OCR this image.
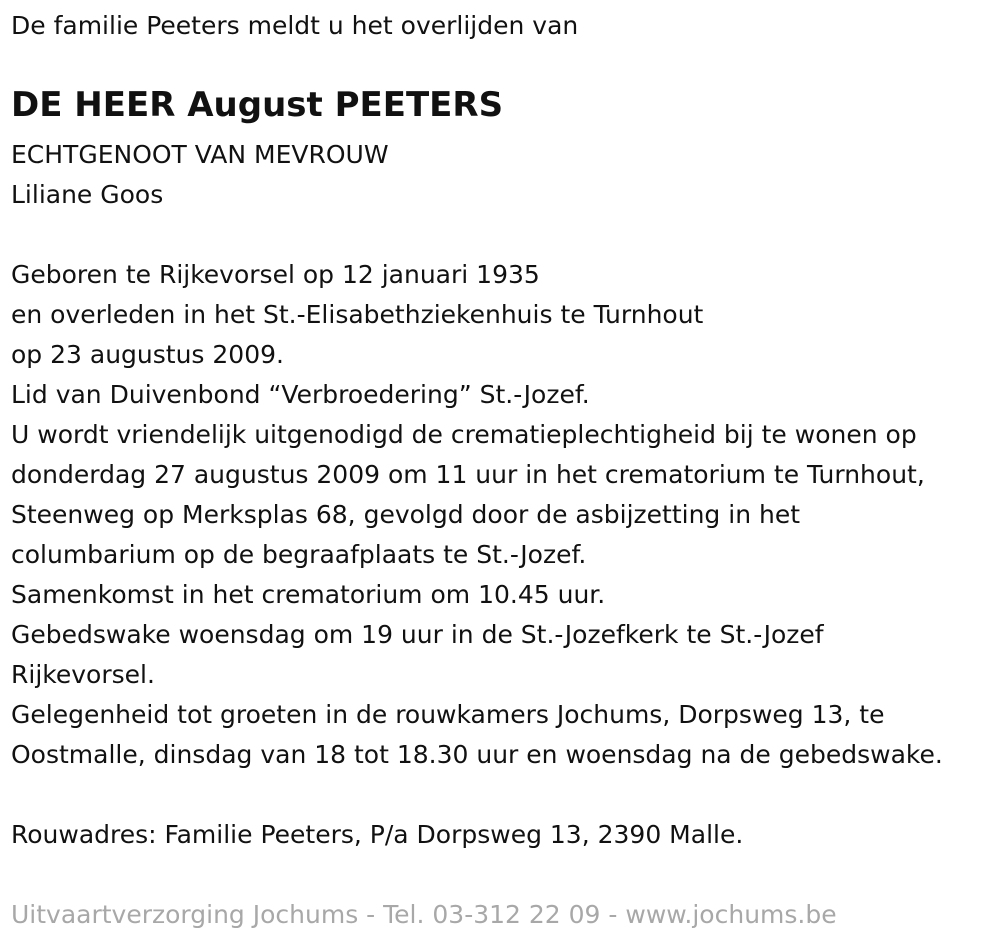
De familie Peeters meldt u het overlijden van

DE HEER August PEETERS
ECHTGENOOT VAN MEVROUW
Liliane Goos
Geboren te Rijkevorsel op 12 januari 1935
en overleden in het St.-Elisabethziekenhuis te Turnhout
op 23 augustus 2009.
Lid van Duivenbond “Verbroedering” St.-Jozef.
U wordt vriendelijk uitgenodigd de crematieplechtigheid bij te wonen op
donderdag 27 augustus 2009 om 11 uur in het crematorium te Turnhout,
Steenweg op Merksplas 68, gevolgd door de asbijzetting in het
columbarium op de begraafplaats te St.-Jozef.
Samenkomst in het crematorium om 10.45 uur.
Gebedswake woensdag om 19 uur in de St.-Jozefkerk te St.-Jozef
Rijkevorsel.
Gelegenheid tot groeten in de rouwkamers Jochums, Dorpsweg 13, te
Oostmalle, dinsdag van 18 tot 18.30 uur en woensdag na de gebedswake.

Rouwadres: Familie Peeters, P/a Dorpsweg 13, 2390 Malle.

Uitvaartverzorging Jochums - Tel. 03-312 22 09 - www.jochums.be
